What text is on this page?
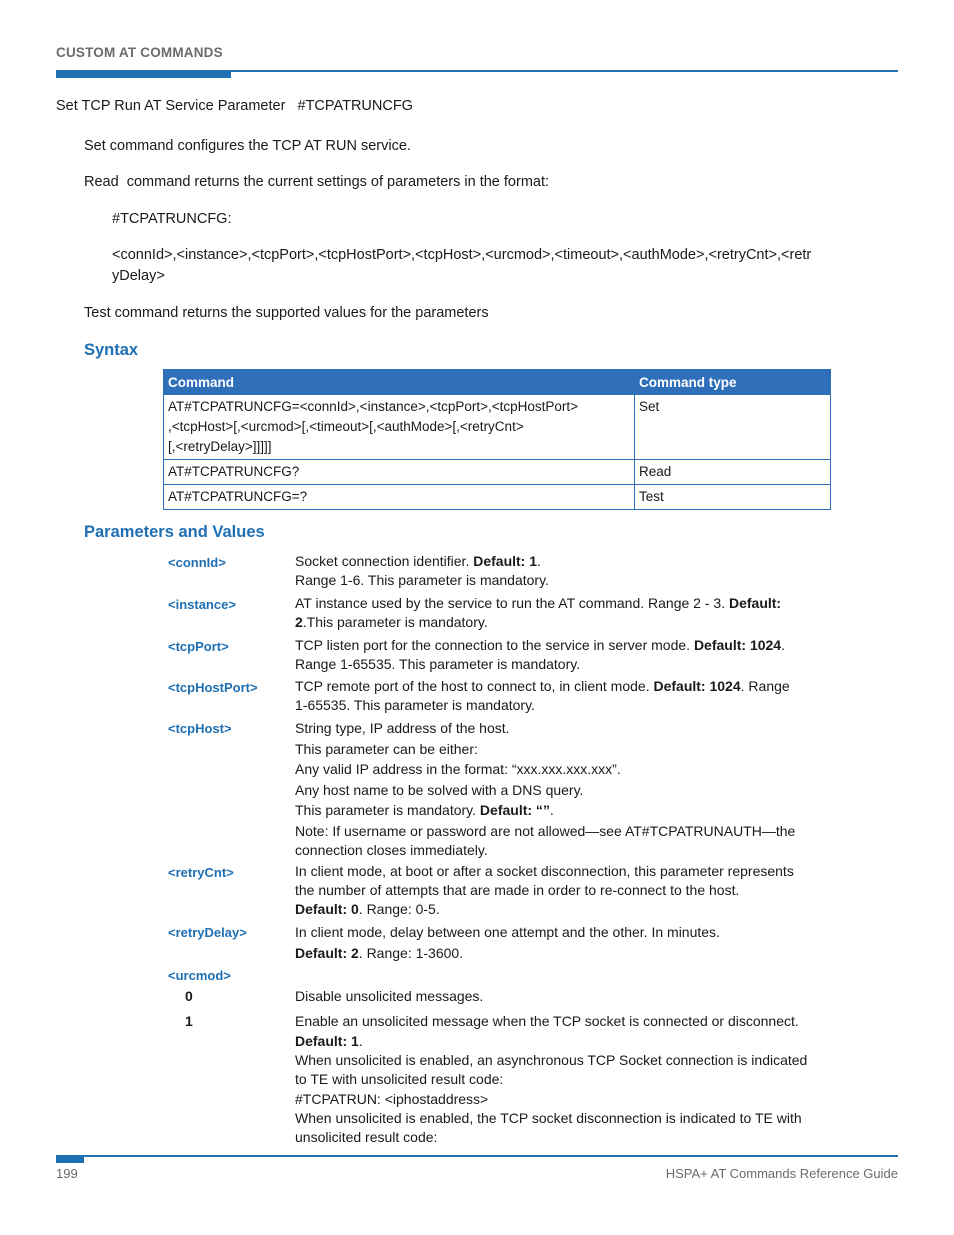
CUSTOM AT COMMANDS
Set TCP Run AT Service Parameter   #TCPATRUNCFG
Set command configures the TCP AT RUN service.
Read  command returns the current settings of parameters in the format:
#TCPATRUNCFG:
<connId>,<instance>,<tcpPort>,<tcpHostPort>,<tcpHost>,<urcmod>,<timeout>,<authMode>,<retryCnt>,<retr
yDelay>
Test command returns the supported values for the parameters
Syntax
Command	Command type

AT#TCPATRUNCFG=<connId>,<instance>,<tcpPort>,<tcpHostPort>
,<tcpHost>[,<urcmod>[,<timeout>[,<authMode>[,<retryCnt>
[,<retryDelay>]]]]]	Set
AT#TCPATRUNCFG?	Read
AT#TCPATRUNCFG=?	Test
Parameters and Values
<connId>	Socket connection identifier. Default: 1.
Range 1-6. This parameter is mandatory.
<instance>	AT instance used by the service to run the AT command. Range 2 - 3. Default:
2.This parameter is mandatory.
<tcpPort>	TCP listen port for the connection to the service in server mode. Default: 1024.
Range 1-65535. This parameter is mandatory.
<tcpHostPort>	TCP remote port of the host to connect to, in client mode. Default: 1024. Range
1-65535. This parameter is mandatory.
<tcpHost>	String type, IP address of the host.
This parameter can be either:
Any valid IP address in the format: “xxx.xxx.xxx.xxx”.
Any host name to be solved with a DNS query.
This parameter is mandatory. Default: “”.
Note: If username or password are not allowed—see AT#TCPATRUNAUTH—the
connection closes immediately.
<retryCnt>	In client mode, at boot or after a socket disconnection, this parameter represents
the number of attempts that are made in order to re-connect to the host.
Default: 0. Range: 0-5.
<retryDelay>	In client mode, delay between one attempt and the other. In minutes.
Default: 2. Range: 1-3600.
<urcmod>
0	Disable unsolicited messages.
1	Enable an unsolicited message when the TCP socket is connected or disconnect.
Default: 1.
When unsolicited is enabled, an asynchronous TCP Socket connection is indicated
to TE with unsolicited result code:
#TCPATRUN: <iphostaddress>
When unsolicited is enabled, the TCP socket disconnection is indicated to TE with
unsolicited result code:
199	HSPA+ AT Commands Reference Guide
